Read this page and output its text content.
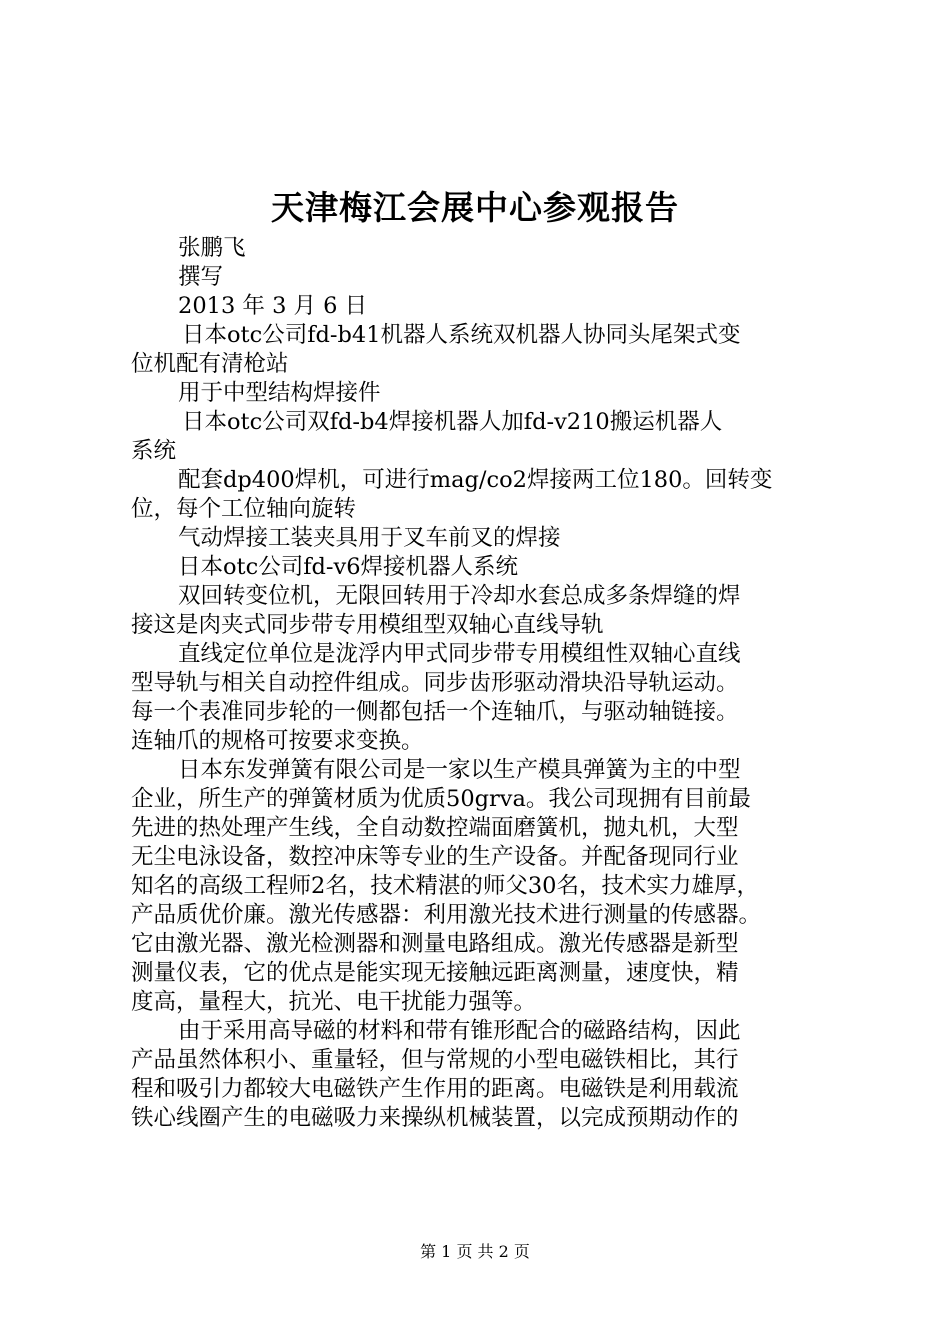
天津梅江会展中心参观报告
张鹏飞
撰写
2013 年 3 月 6 日
日本otc公司fd-b41机器人系统双机器人协同头尾架式变
位机配有清枪站
用于中型结构焊接件
日本otc公司双fd-b4焊接机器人加fd-v210搬运机器人
系统
配套dp400焊机，可进行mag/co2焊接两工位180。回转变
位，每个工位轴向旋转
气动焊接工装夹具用于叉车前叉的焊接
日本otc公司fd-v6焊接机器人系统
双回转变位机，无限回转用于冷却水套总成多条焊缝的焊
接这是肉夹式同步带专用模组型双轴心直线导轨
直线定位单位是泷浮内甲式同步带专用模组性双轴心直线
型导轨与相关自动控件组成。同步齿形驱动滑块沿导轨运动。
每一个表准同步轮的一侧都包括一个连轴爪，与驱动轴链接。
连轴爪的规格可按要求变换。
日本东发弹簧有限公司是一家以生产模具弹簧为主的中型
企业，所生产的弹簧材质为优质50grva。我公司现拥有目前最
先进的热处理产生线，全自动数控端面磨簧机，抛丸机，大型
无尘电泳设备，数控冲床等专业的生产设备。并配备现同行业
知名的高级工程师2名，技术精湛的师父30名，技术实力雄厚，
产品质优价廉。激光传感器：利用激光技术进行测量的传感器。
它由激光器、激光检测器和测量电路组成。激光传感器是新型
测量仪表，它的优点是能实现无接触远距离测量，速度快，精
度高，量程大，抗光、电干扰能力强等。
由于采用高导磁的材料和带有锥形配合的磁路结构，因此
产品虽然体积小、重量轻，但与常规的小型电磁铁相比，其行
程和吸引力都较大电磁铁产生作用的距离。电磁铁是利用载流
铁心线圈产生的电磁吸力来操纵机械装置，以完成预期动作的
第 1 页 共 2 页
